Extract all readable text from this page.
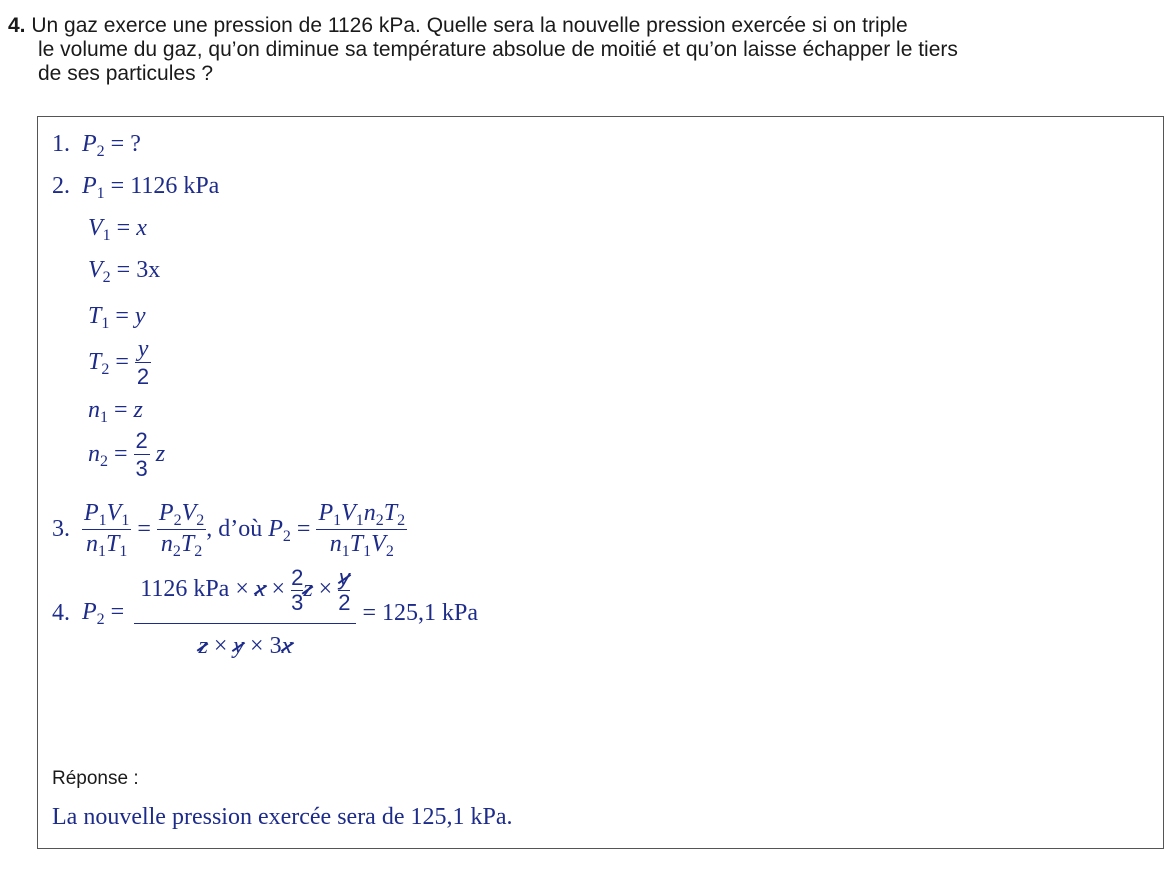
4. Un gaz exerce une pression de 1126 kPa. Quelle sera la nouvelle pression exercée si on triple
le volume du gaz, qu’on diminue sa température absolue de moitié et qu’on laisse échapper le tiers
de ses particules ?
1. $P_2$ = ?
2. $P_1 = 1126$ kPa
$V_1 = x$
$V_2 = 3x$
$T_1 = y$
$T_2 = \frac{y}{2}$
$n_1 = z$
$n_2 = \frac{2}{3}$ z
3. $\frac{P_1V_1}{n_1T_1} = \frac{P_2V_2}{n_2T_2}$ , d’où $P_2 = \frac{P_1V_1n_2T_2}{n_1T_1V_2}$
4. $P_2 = \frac{1126 kPa \times x \times \frac{2}{3} z \times \frac{y}{2}}{z \times y \times 3x} = 125,1$ kPa
Réponse :
La nouvelle pression exercée sera de 125,1 kPa.
